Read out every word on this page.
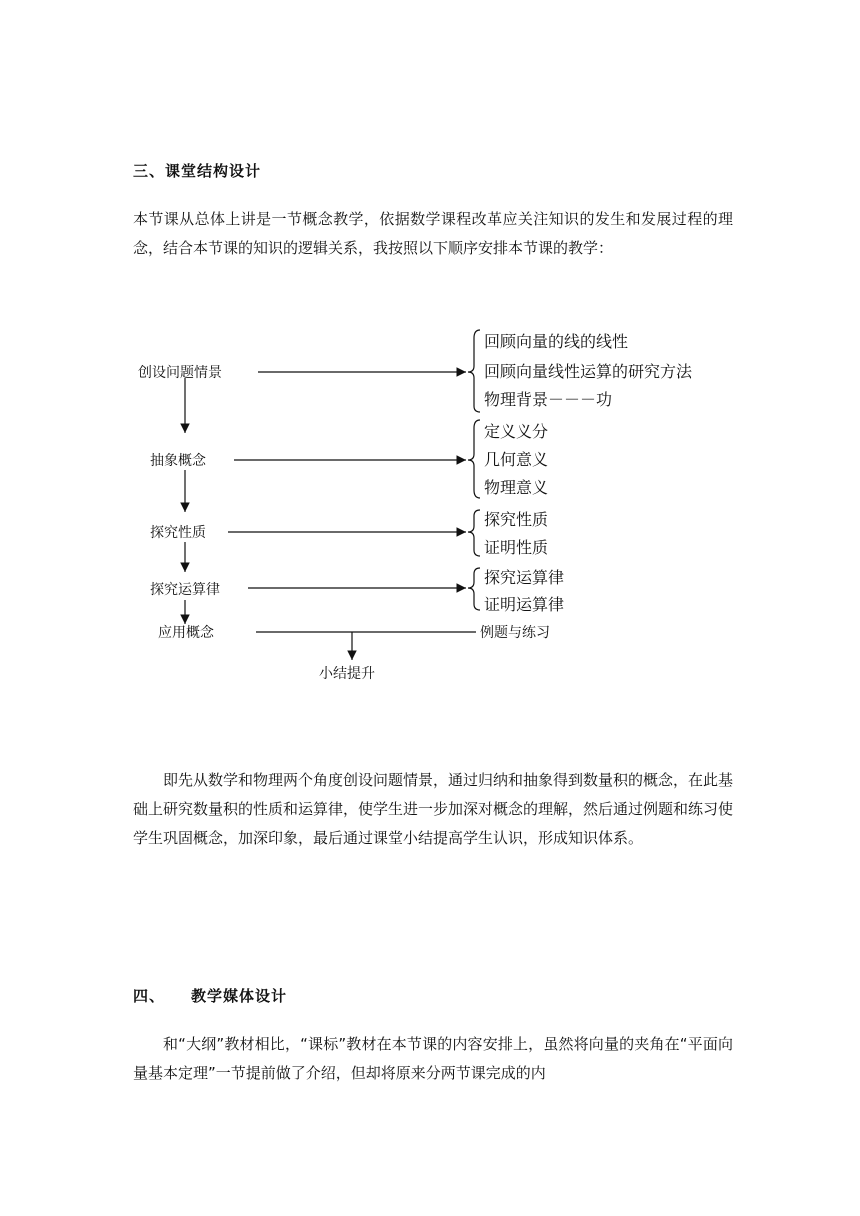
三、课堂结构设计
本节课从总体上讲是一节概念教学，依据数学课程改革应关注知识的发生和发展过程的理念，结合本节课的知识的逻辑关系，我按照以下顺序安排本节课的教学：
创设问题情景
抽象概念
探究性质
探究运算律
应用概念
小结提升
回顾向量的线的线性
回顾向量线性运算的研究方法
物理背景－－－功
定义义分
几何意义
物理意义
探究性质
证明性质
探究运算律
证明运算律
例题与练习
即先从数学和物理两个角度创设问题情景，通过归纳和抽象得到数量积的概念，在此基础上研究数量积的性质和运算律，使学生进一步加深对概念的理解，然后通过例题和练习使学生巩固概念，加深印象，最后通过课堂小结提高学生认识，形成知识体系。
四、 教学媒体设计
和“大纲”教材相比，“课标”教材在本节课的内容安排上，虽然将向量的夹角在“平面向量基本定理”一节提前做了介绍，但却将原来分两节课完成的内
